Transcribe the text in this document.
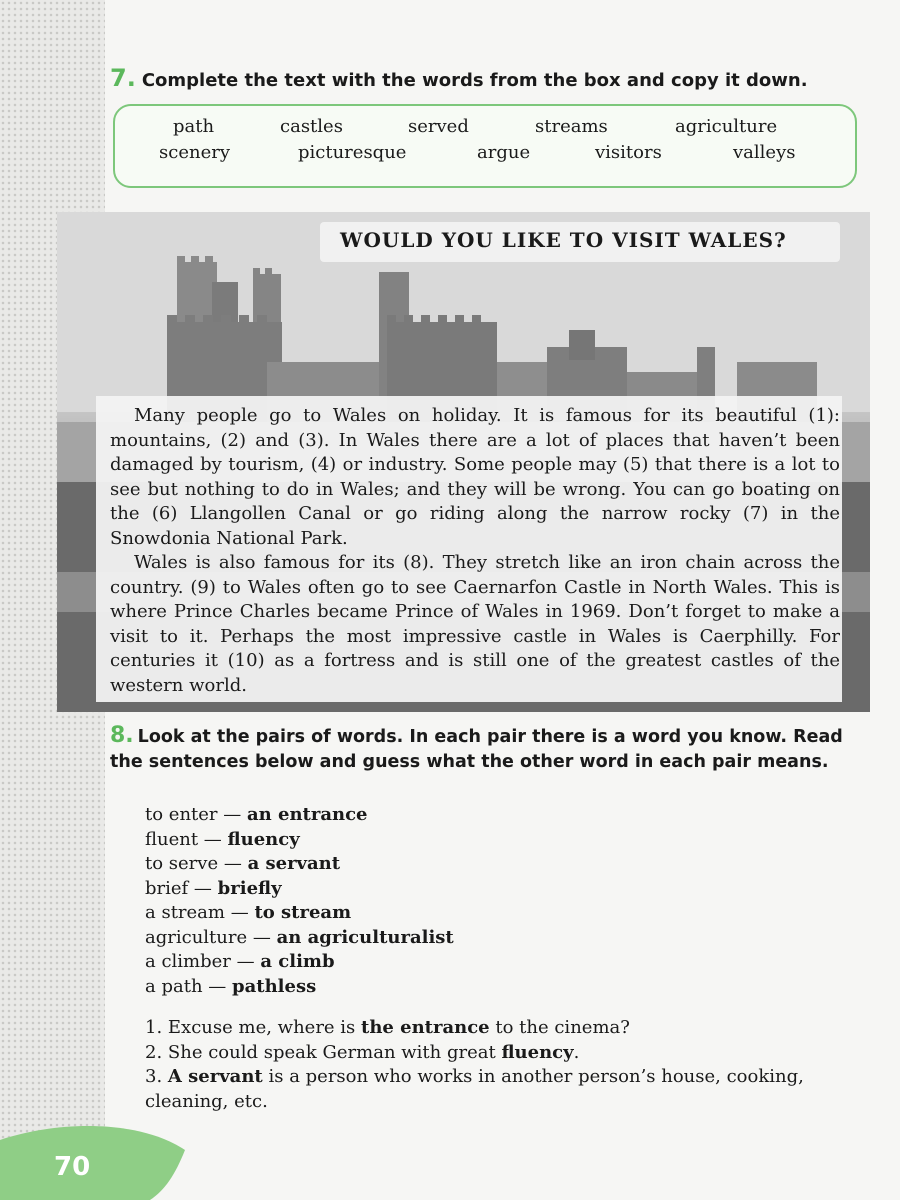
7. Complete the text with the words from the box and copy it down.
path	castles	served	streams	agriculture
scenery	picturesque	argue	visitors	valleys
WOULD YOU LIKE TO VISIT WALES?

Many people go to Wales on holiday. It is famous for its beautiful (1): mountains, (2) and (3). In Wales there are a lot of places that haven’t been damaged by tourism, (4) or industry. Some people may (5) that there is a lot to see but nothing to do in Wales; and they will be wrong. You can go boating on the (6) Llangollen Canal or go riding along the narrow rocky (7) in the Snowdonia National Park.

Wales is also famous for its (8). They stretch like an iron chain across the country. (9) to Wales often go to see Caernarfon Castle in North Wales. This is where Prince Charles became Prince of Wales in 1969. Don’t forget to make a visit to it. Perhaps the most impressive castle in Wales is Caerphilly. For centuries it (10) as a fortress and is still one of the greatest castles of the western world.

8. Look at the pairs of words. In each pair there is a word you know. Read the sentences below and guess what the other word in each pair means.

to enter — an entrance
fluent — fluency
to serve — a servant
brief — briefly
a stream — to stream
agriculture — an agriculturalist
a climber — a climb
a path — pathless

1. Excuse me, where is the entrance to the cinema?

2. She could speak German with great fluency.

3. A servant is a person who works in another person’s house, cooking, cleaning, etc.

70
